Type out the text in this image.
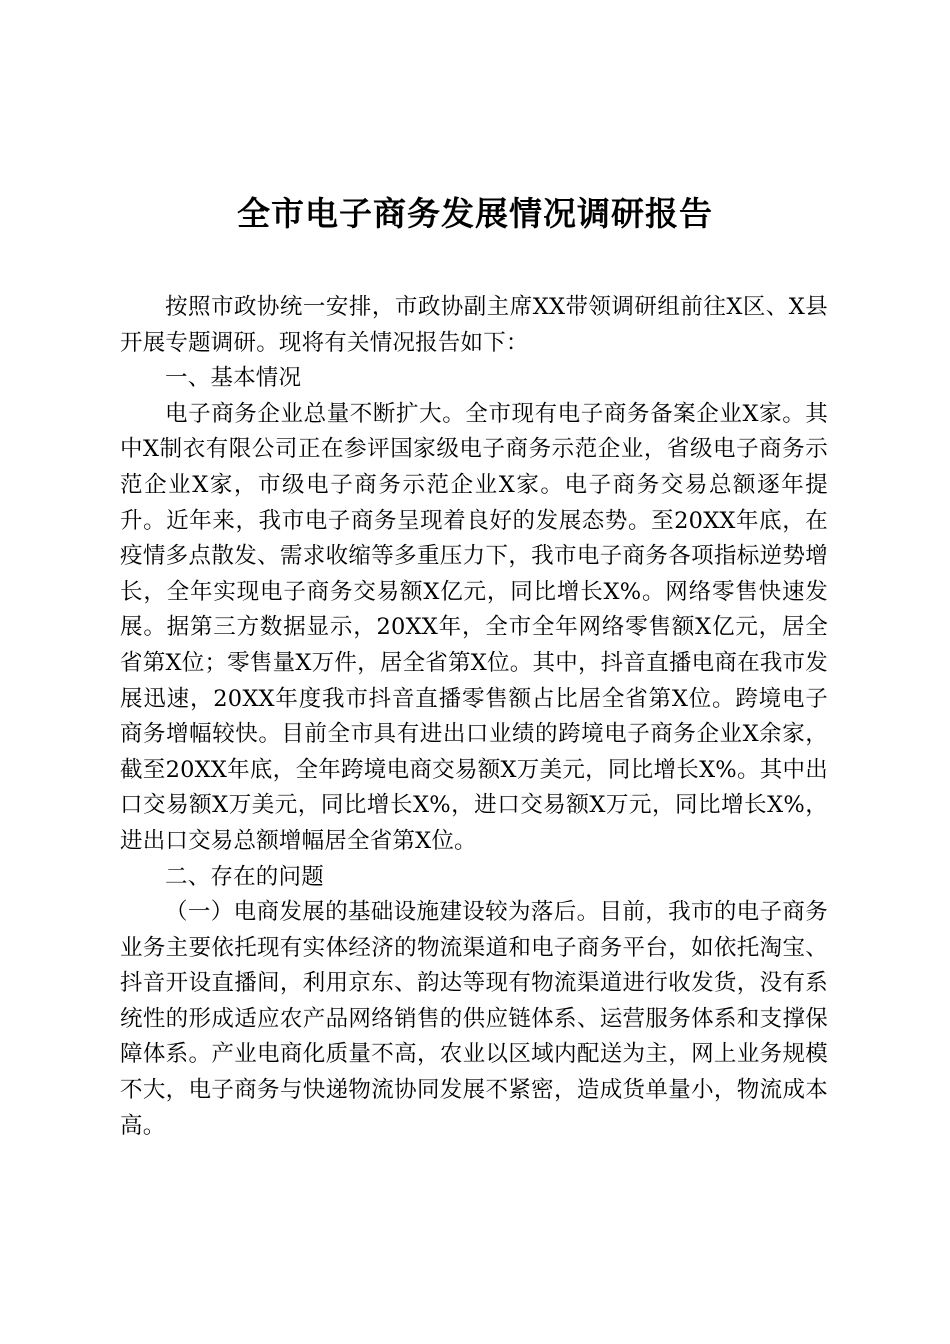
全市电子商务发展情况调研报告

按照市政协统一安排，市政协副主席XX带领调研组前往X区、X县开展专题调研。现将有关情况报告如下：

一、基本情况

电子商务企业总量不断扩大。全市现有电子商务备案企业X家。其中X制衣有限公司正在参评国家级电子商务示范企业，省级电子商务示范企业X家，市级电子商务示范企业X家。电子商务交易总额逐年提升。近年来，我市电子商务呈现着良好的发展态势。至20XX年底，在疫情多点散发、需求收缩等多重压力下，我市电子商务各项指标逆势增长，全年实现电子商务交易额X亿元，同比增长X%。网络零售快速发展。据第三方数据显示，20XX年，全市全年网络零售额X亿元，居全省第X位；零售量X万件，居全省第X位。其中，抖音直播电商在我市发展迅速，20XX年度我市抖音直播零售额占比居全省第X位。跨境电子商务增幅较快。目前全市具有进出口业绩的跨境电子商务企业X余家，截至20XX年底，全年跨境电商交易额X万美元，同比增长X%。其中出口交易额X万美元，同比增长X%，进口交易额X万元，同比增长X%，进出口交易总额增幅居全省第X位。

二、存在的问题

（一）电商发展的基础设施建设较为落后。目前，我市的电子商务业务主要依托现有实体经济的物流渠道和电子商务平台，如依托淘宝、抖音开设直播间，利用京东、韵达等现有物流渠道进行收发货，没有系统性的形成适应农产品网络销售的供应链体系、运营服务体系和支撑保障体系。产业电商化质量不高，农业以区域内配送为主，网上业务规模不大，电子商务与快递物流协同发展不紧密，造成货单量小，物流成本高。
